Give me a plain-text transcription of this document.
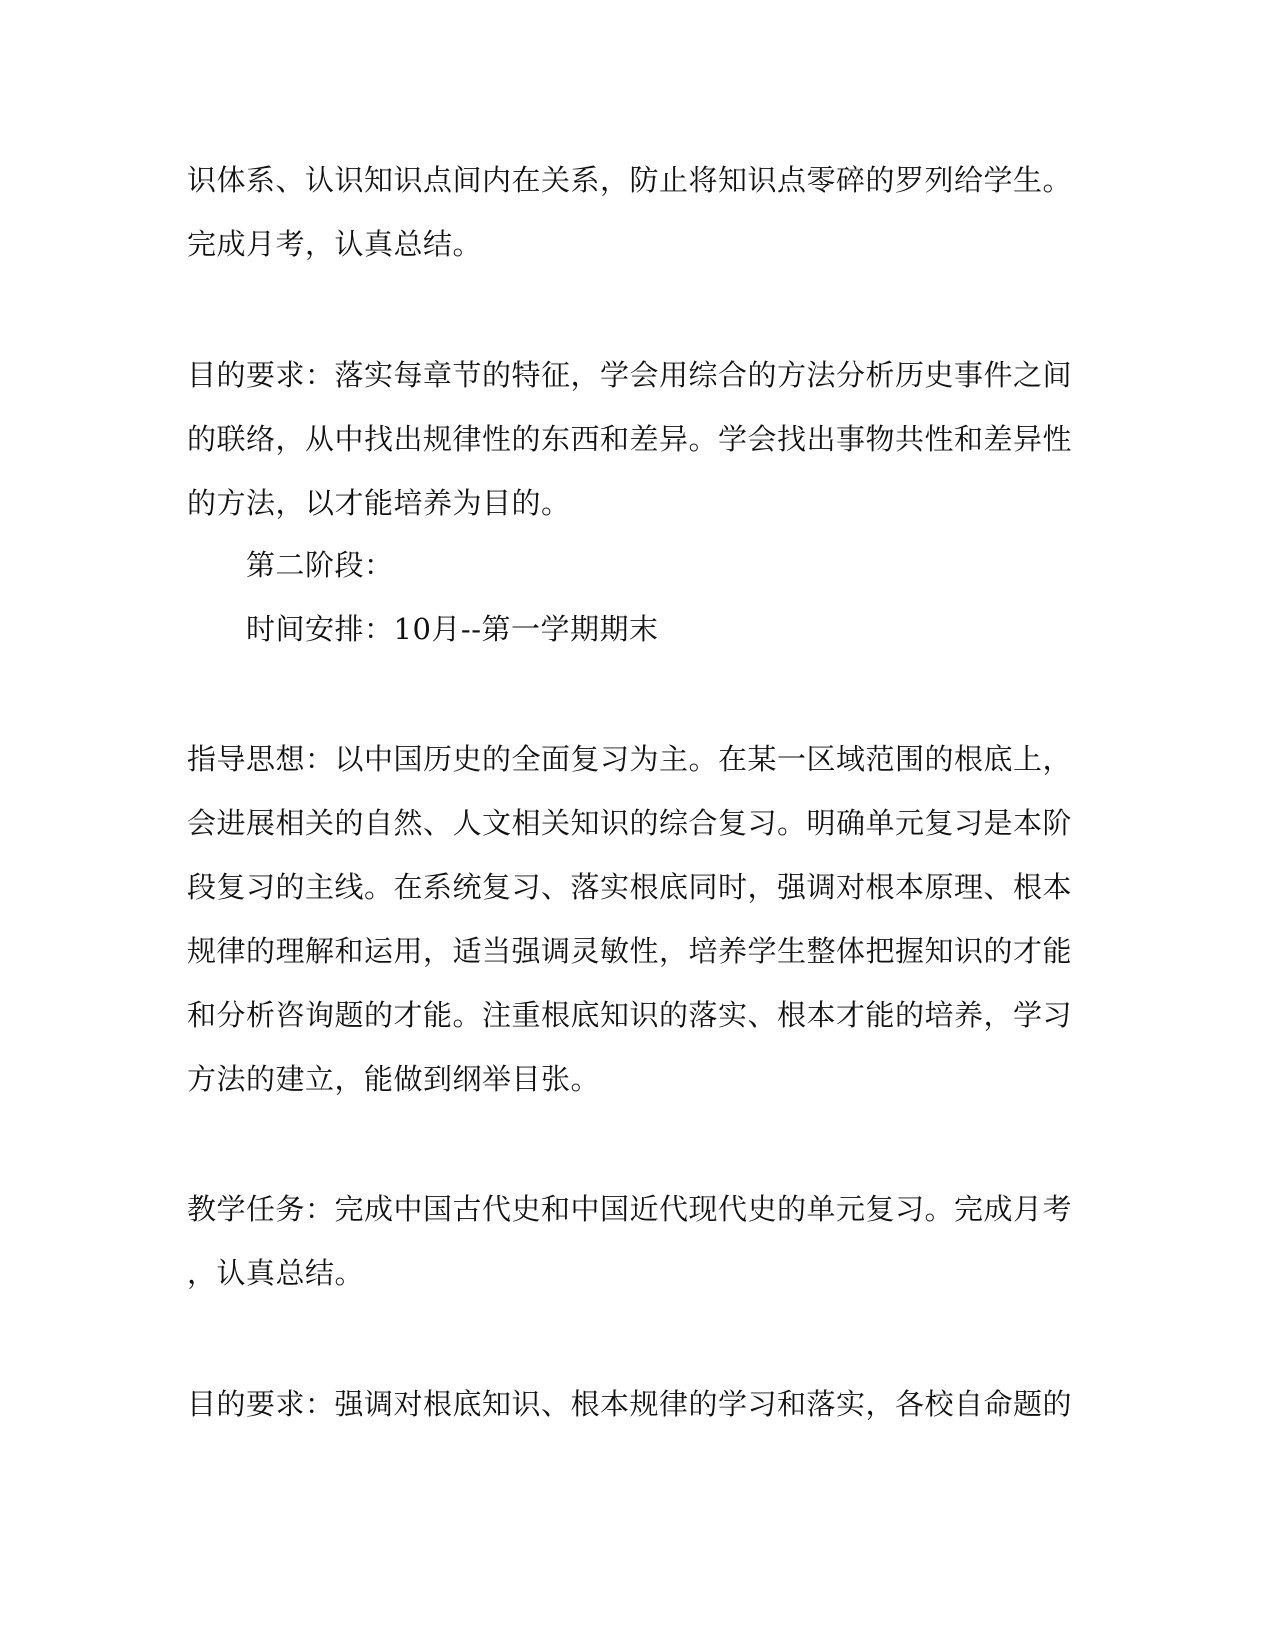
识体系、认识知识点间内在关系，防止将知识点零碎的罗列给学生。
完成月考，认真总结。
目的要求：落实每章节的特征，学会用综合的方法分析历史事件之间
的联络，从中找出规律性的东西和差异。学会找出事物共性和差异性
的方法，以才能培养为目的。
第二阶段：
时间安排：10月--第一学期期末
指导思想：以中国历史的全面复习为主。在某一区域范围的根底上，
会进展相关的自然、人文相关知识的综合复习。明确单元复习是本阶
段复习的主线。在系统复习、落实根底同时，强调对根本原理、根本
规律的理解和运用，适当强调灵敏性，培养学生整体把握知识的才能
和分析咨询题的才能。注重根底知识的落实、根本才能的培养，学习
方法的建立，能做到纲举目张。
教学任务：完成中国古代史和中国近代现代史的单元复习。完成月考
，认真总结。
目的要求：强调对根底知识、根本规律的学习和落实，各校自命题的
